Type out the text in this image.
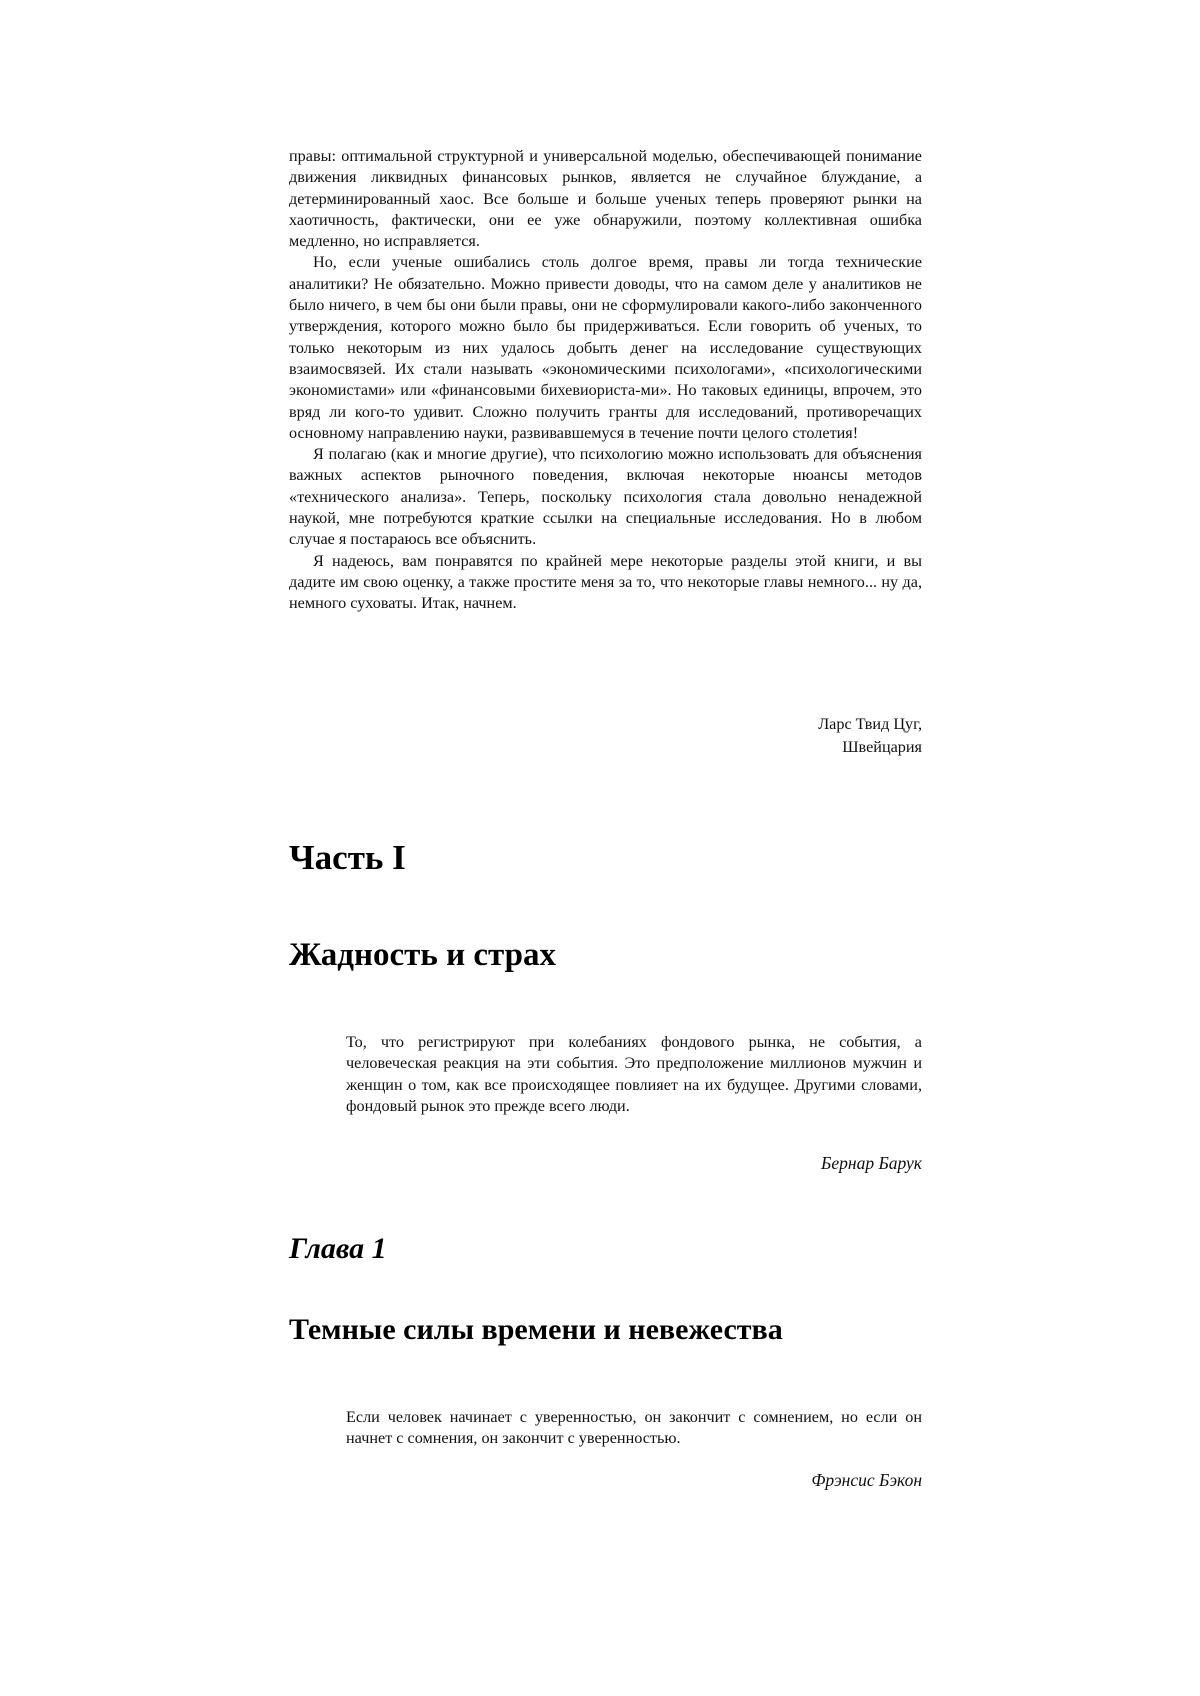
правы: оптимальной структурной и универсальной моделью, обеспечивающей понимание движения ликвидных финансовых рынков, является не случайное блуждание, а детерминированный хаос. Все больше и больше ученых теперь проверяют рынки на хаотичность, фактически, они ее уже обнаружили, поэтому коллективная ошибка медленно, но исправляется.

Но, если ученые ошибались столь долгое время, правы ли тогда технические аналитики? Не обязательно. Можно привести доводы, что на самом деле у аналитиков не было ничего, в чем бы они были правы, они не сформулировали какого-либо законченного утверждения, которого можно было бы придерживаться. Если говорить об ученых, то только некоторым из них удалось добыть денег на исследование существующих взаимосвязей. Их стали называть «экономическими психологами», «психологическими экономистами» или «финансовыми бихевиориста-ми». Но таковых единицы, впрочем, это вряд ли кого-то удивит. Сложно получить гранты для исследований, противоречащих основному направлению науки, развивавшемуся в течение почти целого столетия!

Я полагаю (как и многие другие), что психологию можно использовать для объяснения важных аспектов рыночного поведения, включая некоторые нюансы методов «технического анализа». Теперь, поскольку психология стала довольно ненадежной наукой, мне потребуются краткие ссылки на специальные исследования. Но в любом случае я постараюсь все объяснить.

Я надеюсь, вам понравятся по крайней мере некоторые разделы этой книги, и вы дадите им свою оценку, а также простите меня за то, что некоторые главы немного... ну да, немного суховаты. Итак, начнем.

Ларс Твид Цуг,
Швейцария
Часть I
Жадность и страх

То, что регистрируют при колебаниях фондового рынка, не события, а человеческая реакция на эти события. Это предположение миллионов мужчин и женщин о том, как все происходящее повлияет на их будущее. Другими словами, фондовый рынок это прежде всего люди.

Бернар Барук
Глава 1
Темные силы времени и невежества

Если человек начинает с уверенностью, он закончит с сомнением, но если он начнет с сомнения, он закончит с уверенностью.

Фрэнсис Бэкон
